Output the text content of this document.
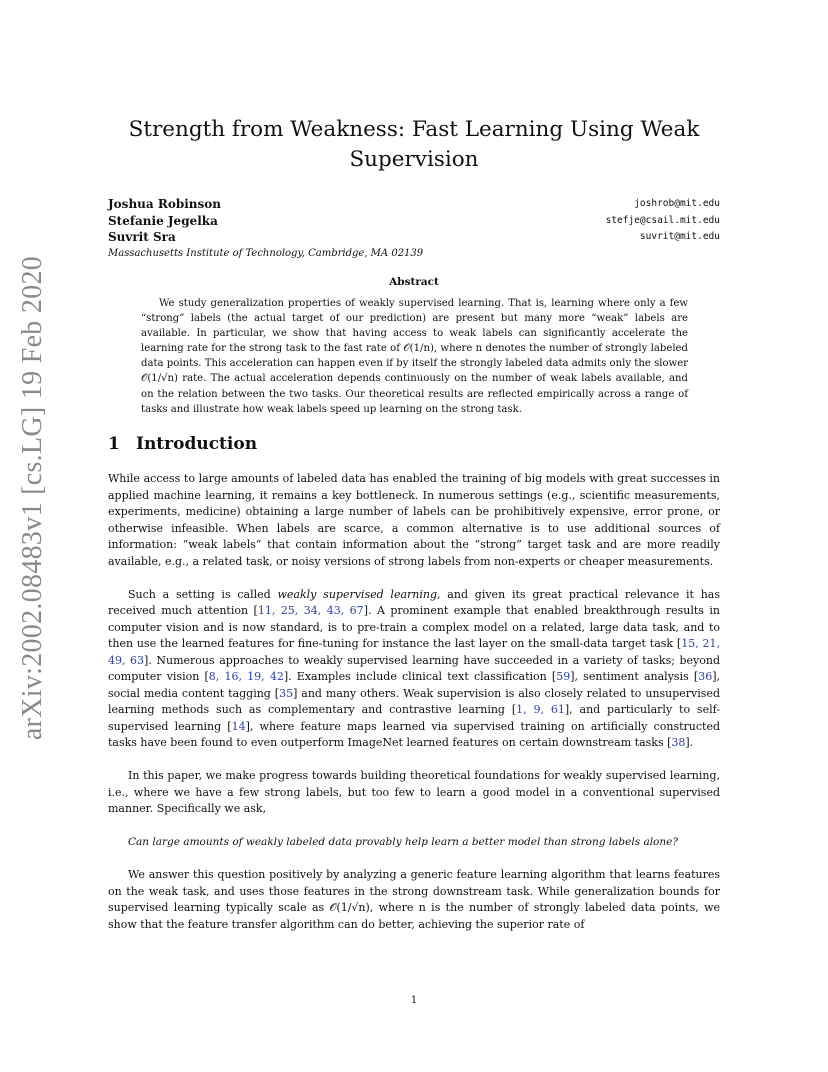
arXiv:2002.08483v1 [cs.LG] 19 Feb 2020
Strength from Weakness: Fast Learning Using Weak Supervision
Joshua Robinson	joshrob@mit.edu
Stefanie Jegelka	stefje@csail.mit.edu
Suvrit Sra	suvrit@mit.edu
Massachusetts Institute of Technology, Cambridge, MA 02139
Abstract

We study generalization properties of weakly supervised learning. That is, learning where only a few “strong” labels (the actual target of our prediction) are present but many more “weak” labels are available. In particular, we show that having access to weak labels can significantly accelerate the learning rate for the strong task to the fast rate of 𝒪(1/n), where n denotes the number of strongly labeled data points. This acceleration can happen even if by itself the strongly labeled data admits only the slower 𝒪(1/√n) rate. The actual acceleration depends continuously on the number of weak labels available, and on the relation between the two tasks. Our theoretical results are reflected empirically across a range of tasks and illustrate how weak labels speed up learning on the strong task.

1 Introduction

While access to large amounts of labeled data has enabled the training of big models with great successes in applied machine learning, it remains a key bottleneck. In numerous settings (e.g., scientific measurements, experiments, medicine) obtaining a large number of labels can be prohibitively expensive, error prone, or otherwise infeasible. When labels are scarce, a common alternative is to use additional sources of information: “weak labels” that contain information about the “strong” target task and are more readily available, e.g., a related task, or noisy versions of strong labels from non-experts or cheaper measurements.

Such a setting is called weakly supervised learning, and given its great practical relevance it has received much attention [11, 25, 34, 43, 67]. A prominent example that enabled breakthrough results in computer vision and is now standard, is to pre-train a complex model on a related, large data task, and to then use the learned features for fine-tuning for instance the last layer on the small-data target task [15, 21, 49, 63]. Numerous approaches to weakly supervised learning have succeeded in a variety of tasks; beyond computer vision [8, 16, 19, 42]. Examples include clinical text classification [59], sentiment analysis [36], social media content tagging [35] and many others. Weak supervision is also closely related to unsupervised learning methods such as complementary and contrastive learning [1, 9, 61], and particularly to self-supervised learning [14], where feature maps learned via supervised training on artificially constructed tasks have been found to even outperform ImageNet learned features on certain downstream tasks [38].

In this paper, we make progress towards building theoretical foundations for weakly supervised learning, i.e., where we have a few strong labels, but too few to learn a good model in a conventional supervised manner. Specifically we ask,

Can large amounts of weakly labeled data provably help learn a better model than strong labels alone?

We answer this question positively by analyzing a generic feature learning algorithm that learns features on the weak task, and uses those features in the strong downstream task. While generalization bounds for supervised learning typically scale as 𝒪(1/√n), where n is the number of strongly labeled data points, we show that the feature transfer algorithm can do better, achieving the superior rate of

1
